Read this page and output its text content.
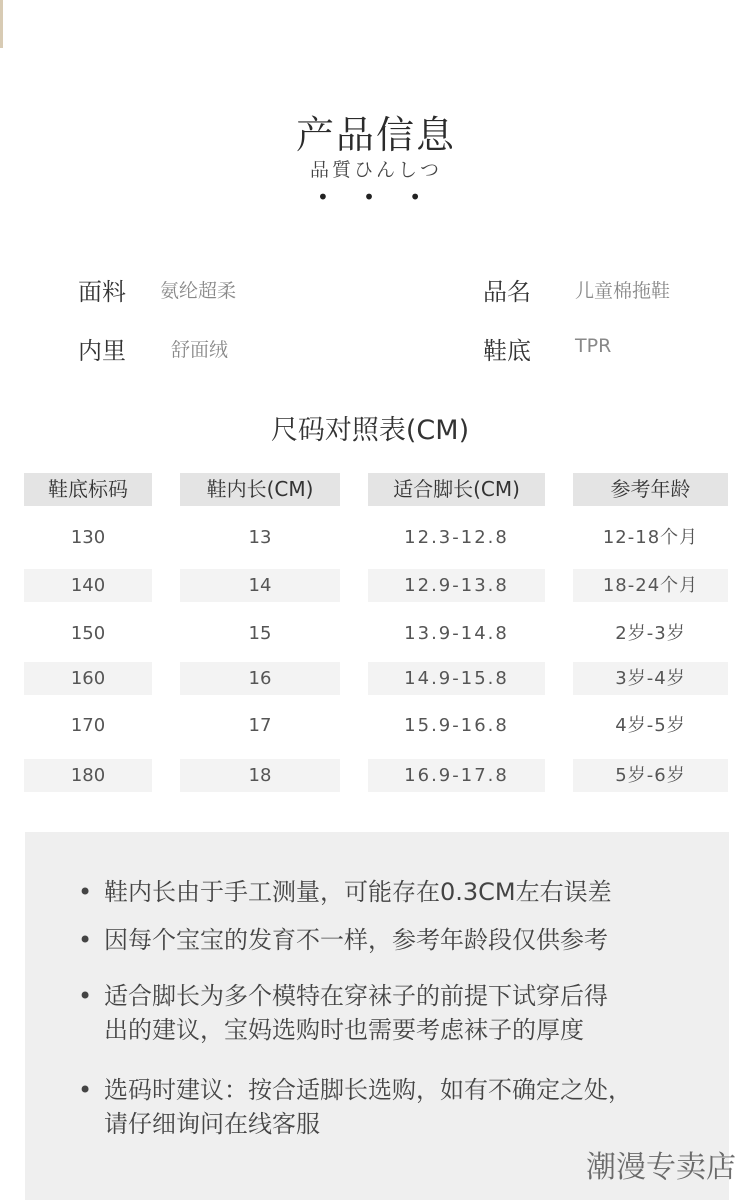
产品信息
品質ひんしつ
• • •
面料 氨纶超柔	品名 儿童棉拖鞋
内里 舒面绒	鞋底 TPR
尺码对照表(CM)
鞋底标码	鞋内长(CM)	适合脚长(CM)	参考年龄
130	13	12.3-12.8	12-18个月
140	14	12.9-13.8	18-24个月
150	15	13.9-14.8	2岁-3岁
160	16	14.9-15.8	3岁-4岁
170	17	15.9-16.8	4岁-5岁
180	18	16.9-17.8	5岁-6岁
• 鞋内长由于手工测量，可能存在0.3CM左右误差
• 因每个宝宝的发育不一样，参考年龄段仅供参考
• 适合脚长为多个模特在穿袜子的前提下试穿后得
出的建议，宝妈选购时也需要考虑袜子的厚度
• 选码时建议：按合适脚长选购，如有不确定之处，
请仔细询问在线客服
潮漫专卖店
